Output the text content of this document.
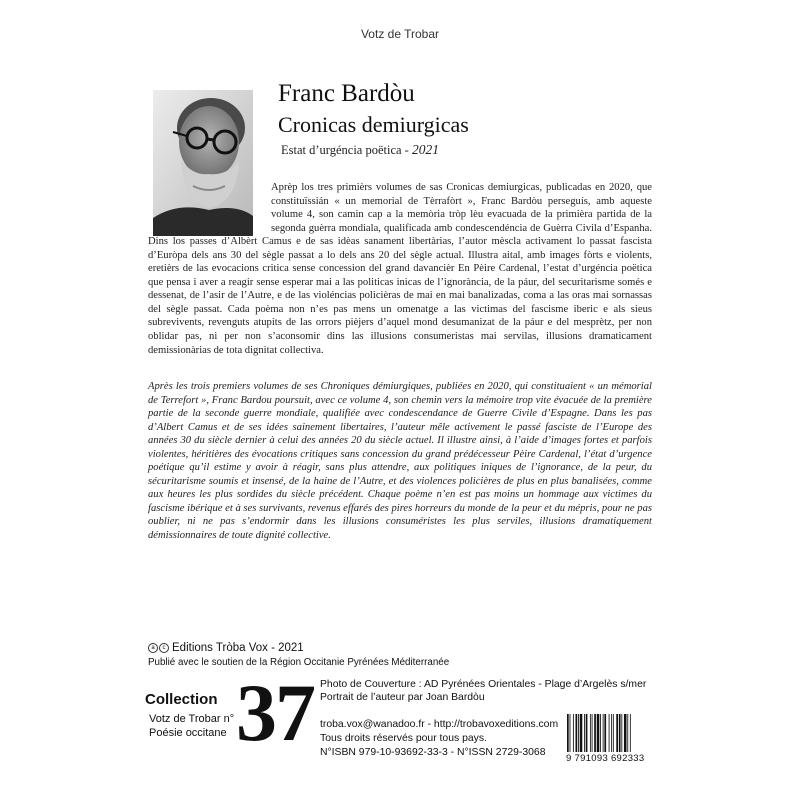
Votz de Trobar
Franc Bardòu
Cronicas demiurgicas
Estat d’urgéncia poëtica - 2021
Aprèp los tres primièrs volumes de sas Cronicas demiurgicas, publicadas en 2020, que constituïssián « un memorial de Tèrrafòrt », Franc Bardòu perseguís, amb aqueste volume 4, son camin cap a la memòria tròp lèu evacuada de la primièra partida de la segonda guèrra mondiala, qualificada amb condescendéncia de Guèrra Civila d’Espanha. Dins los passes d’Albèrt Camus e de sas idèas sanament libertàrias, l’autor mèscla activament lo passat fascista d’Euròpa dels ans 30 del sègle passat a lo dels ans 20 del sègle actual. Illustra aital, amb images fòrts e violents, eretièrs de las evocacions critica sense concession del grand davancièr En Pèire Cardenal, l’estat d’urgéncia poëtica que pensa i aver a reagir sense esperar mai a las politicas inicas de l’ignorància, de la páur, del securitarisme somés e dessenat, de l’asir de l’Autre, e de las violéncias policièras de mai en mai banalizadas, coma a las oras mai sornassas del sègle passat. Cada poèma non n’es pas mens un omenatge a las victimas del fascisme iberic e als sieus subrevivents, revenguts atupits de las orrors pièjers d’aquel mond desumanizat de la páur e del mesprètz, per non oblidar pas, ni per non s’aconsomir dins las illusions consumeristas mai servilas, illusions dramaticament demissionàrias de tota dignitat collectiva.

Après les trois premiers volumes de ses Chroniques démiurgiques, publiées en 2020, qui constituaient « un mémorial de Terrefort », Franc Bardou poursuit, avec ce volume 4, son chemin vers la mémoire trop vite évacuée de la première partie de la seconde guerre mondiale, qualifiée avec condescendance de Guerre Civile d’Espagne. Dans les pas d’Albert Camus et de ses idées sainement libertaires, l’auteur mêle activement le passé fasciste de l’Europe des années 30 du siècle dernier à celui des années 20 du siècle actuel. Il illustre ainsi, à l’aide d’images fortes et parfois violentes, héritières des évocations critiques sans concession du grand prédécesseur Pèire Cardenal, l’état d’urgence poétique qu’il estime y avoir à réagir, sans plus attendre, aux politiques iniques de l’ignorance, de la peur, du sécuritarisme soumis et insensé, de la haine de l’Autre, et des violences policières de plus en plus banalisées, comme aux heures les plus sordides du siècle précédent. Chaque poème n’en est pas moins un hommage aux victimes du fascisme ibérique et à ses survivants, revenus effarés des pires horreurs du monde de la peur et du mépris, pour ne pas oublier, ni ne pas s’endormir dans les illusions consuméristes les plus serviles, illusions dramatiquement démissionnaires de toute dignité collective.

a	c Editions Tròba Vox - 2021
Publié avec le soutien de la Région Occitanie Pyrénées Méditerranée
Collection
Votz de Trobar n°
Poésie occitane 37 Photo de Couverture : AD Pyrénées Orientales - Plage d’Argelès s/mer
Portrait de l’auteur par Joan Bardòu
troba.vox@wanadoo.fr - http://trobavoxeditions.com
Tous droits réservés pour tous pays.
N°ISBN 979-10-93692-33-3 - N°ISSN 2729-3068
9 791093 692333
